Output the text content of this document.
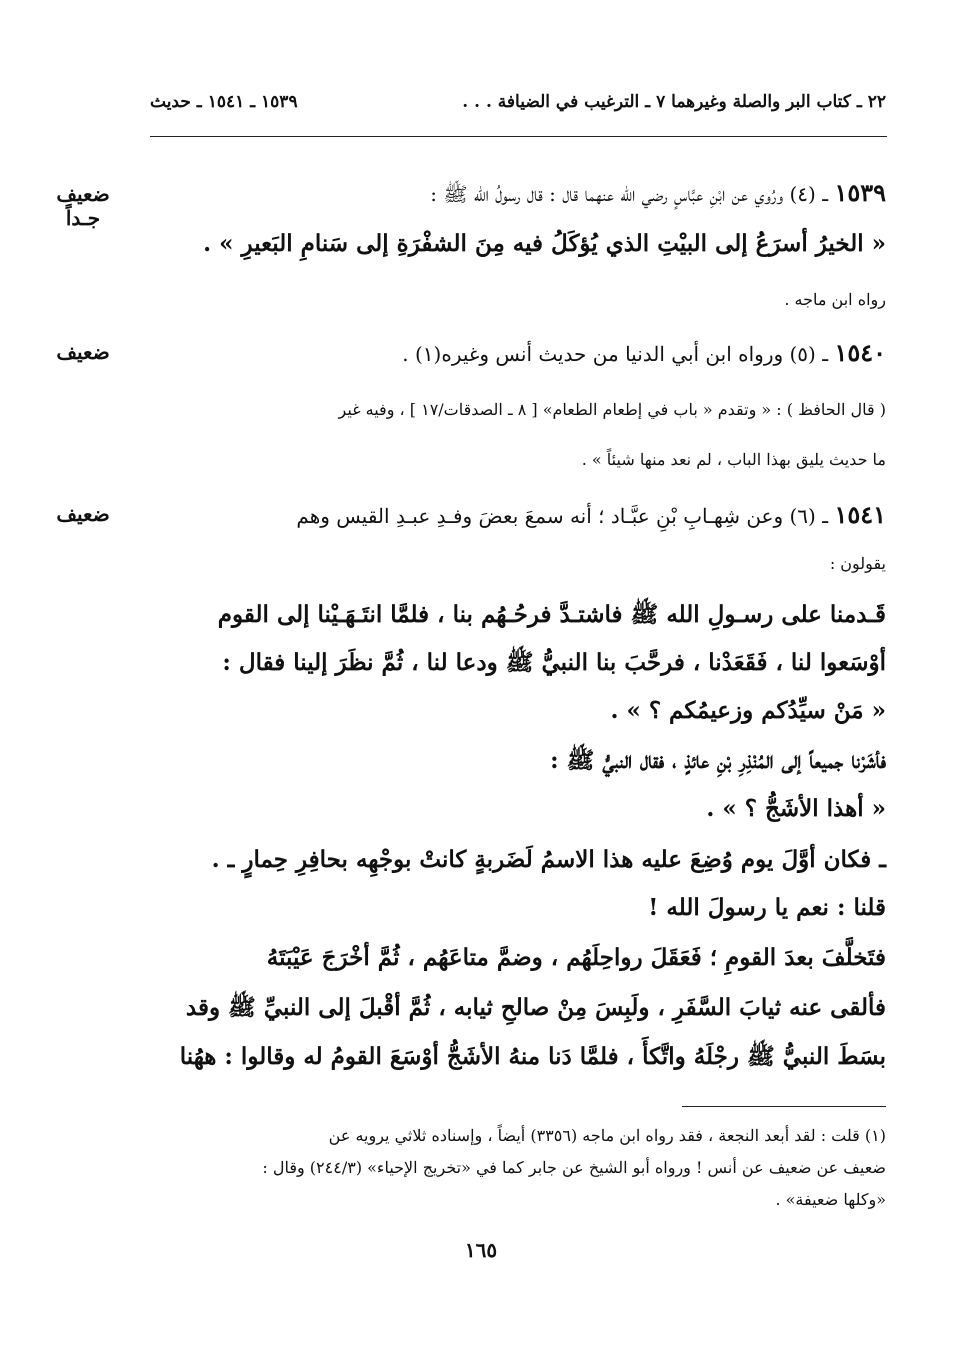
٢٢ ـ كتاب البر والصلة وغيرهما ٧ ـ الترغيب في الضيافة . . .
١٥٣٩ ـ ١٥٤١ ـ حديث
ضعيف
جـداً
ضعيف
ضعيف
١٥٣٩ ـ (٤) ورُوي عن ابْنِ عبَّاسٍ رضي الله عنهما قال : قال رسولُ الله ﷺ :
« الخيرُ أسرَعُ إلى البيْتِ الذي يُؤكَلُ فيه مِنَ الشفْرَةِ إلى سَنامِ البَعيرِ » .
رواه ابن ماجه .
١٥٤٠ ـ (٥) ورواه ابن أبي الدنيا من حديث أنس وغيره(١) .
( قال الحافظ ) : « وتقدم « باب في إطعام الطعام» [ ٨ ـ الصدقات/١٧ ] ، وفيه غير
ما حديث يليق بهذا الباب ، لم نعد منها شيئاً » .
١٥٤١ ـ (٦) وعن شِهـابِ بْنِ عبَّـاد ؛ أنه سمعَ بعضَ وفـدِ عبـدِ القيس وهم
يقولون :
قَـدمنا على رسـولِ الله ﷺ فاشتـدَّ فرحُـهُم بنا ، فلمَّا انتَـهَـيْنا إلى القوم
أوْسَعوا لنا ، فَقَعَدْنا ، فرحَّبَ بنا النبيُّ ﷺ ودعا لنا ، ثُمَّ نظَرَ إلينا فقال :
« مَنْ سيِّدُكم وزعيمُكم ؟ » .
فأشَرْنا جميعاً إلى المُنْذِرِ بْنِ عائذٍ ، فقال النبيُّ ﷺ :
« أهذا الأشَجُّ ؟ » .
ـ فكان أوَّلَ يوم وُضِعَ عليه هذا الاسمُ لَضَربةٍ كانتْ بوجْهِه بحافِرِ حِمارٍ ـ .
قلنا : نعم يا رسولَ الله !
فتَخلَّفَ بعدَ القومِ ؛ فَعَقَلَ رواحِلَهُم ، وضمَّ متاعَهُم ، ثُمَّ أخْرَجَ عَيْبَتَهُ
فألقى عنه ثيابَ السَّفَرِ ، ولَبِسَ مِنْ صالحِ ثيابه ، ثُمَّ أقْبلَ إلى النبيِّ ﷺ وقد
بسَطَ النبيُّ ﷺ رجْلَهُ واتَّكأَ ، فلمَّا دَنا منهُ الأشَجُّ أوْسَعَ القومُ له وقالوا : ههُنا
(١) قلت : لقد أبعد النجعة ، فقد رواه ابن ماجه (٣٣٥٦) أيضاً ، وإسناده ثلاثي يرويه عن
ضعيف عن ضعيف عن أنس ! ورواه أبو الشيخ عن جابر كما في «تخريج الإحياء» (٢٤٤/٣) وقال :
«وكلها ضعيفة» .
١٦٥
